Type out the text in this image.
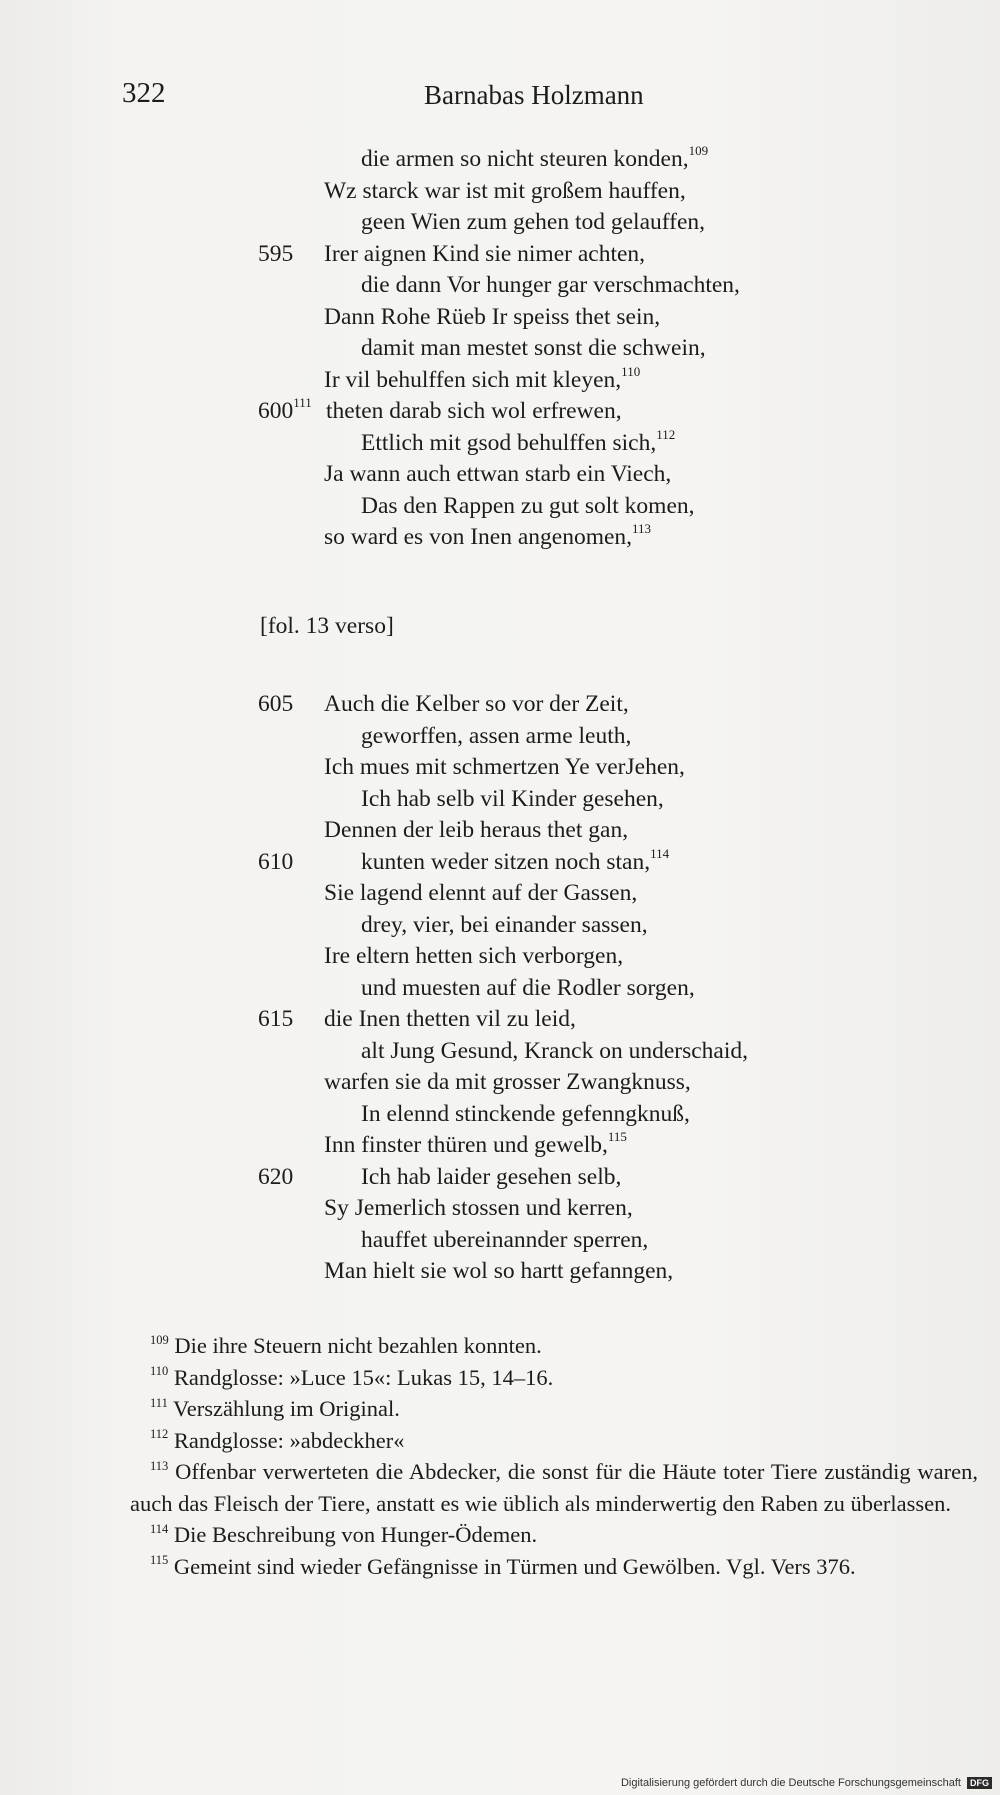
322	Barnabas Holzmann
die armen so nicht steuren konden,$^{109}$
Wz starck war ist mit großem hauffen,
geen Wien zum gehen tod gelauffen,
595 Irer aignen Kind sie nimer achten,
die dann Vor hunger gar verschmachten,
Dann Rohe Rüeb Ir speiss thet sein,
damit man mestet sonst die schwein,
Ir vil behulffen sich mit kleyen,$^{110}$
$600^{111}$ theten darab sich wol erfrewen,
Ettlich mit gsod behulffen sich,$^{112}$
Ja wann auch ettwan starb ein Viech,
Das den Rappen zu gut solt komen,
so ward es von Inen angenomen,$^{113}$
605 Auch die Kelber so vor der Zeit,
geworffen, assen arme leuth,
Ich mues mit schmertzen Ye verJehen,
Ich hab selb vil Kinder gesehen,
Dennen der leib heraus thet gan,
610	kunten weder sitzen noch stan,$^{114}$
Sie lagend elennt auf der Gassen,
drey, vier, bei einander sassen,
Ire eltern hetten sich verborgen,
und muesten auf die Rodler sorgen,
615 die Inen thetten vil zu leid,
alt Jung Gesund, Kranck on underschaid,
warfen sie da mit grosser Zwangknuss,
In elennd stinckende gefenngknuß,
Inn finster thüren und gewelb,$^{115}$
620	Ich hab laider gesehen selb,
Sy Jemerlich stossen und kerren,
hauffet ubereinannder sperren,
Man hielt sie wol so hartt gefanngen,
[fol. 13 verso]

$^{109}$ Die ihre Steuern nicht bezahlen konnten.

$^{110}$ Randglosse: »Luce 15«: Lukas 15, 14–16.

$^{111}$ Verszählung im Original.

$^{112}$ Randglosse: »abdeckher«

$^{113}$ Offenbar verwerteten die Abdecker, die sonst für die Häute toter Tiere zuständig waren, auch das Fleisch der Tiere, anstatt es wie üblich als minderwertig den Raben zu überlassen.

$^{114}$ Die Beschreibung von Hunger-Ödemen.

$^{115}$ Gemeint sind wieder Gefängnisse in Türmen und Gewölben. Vgl. Vers 376.

Digitalisierung gefördert durch die Deutsche Forschungsgemeinschaft DFG
